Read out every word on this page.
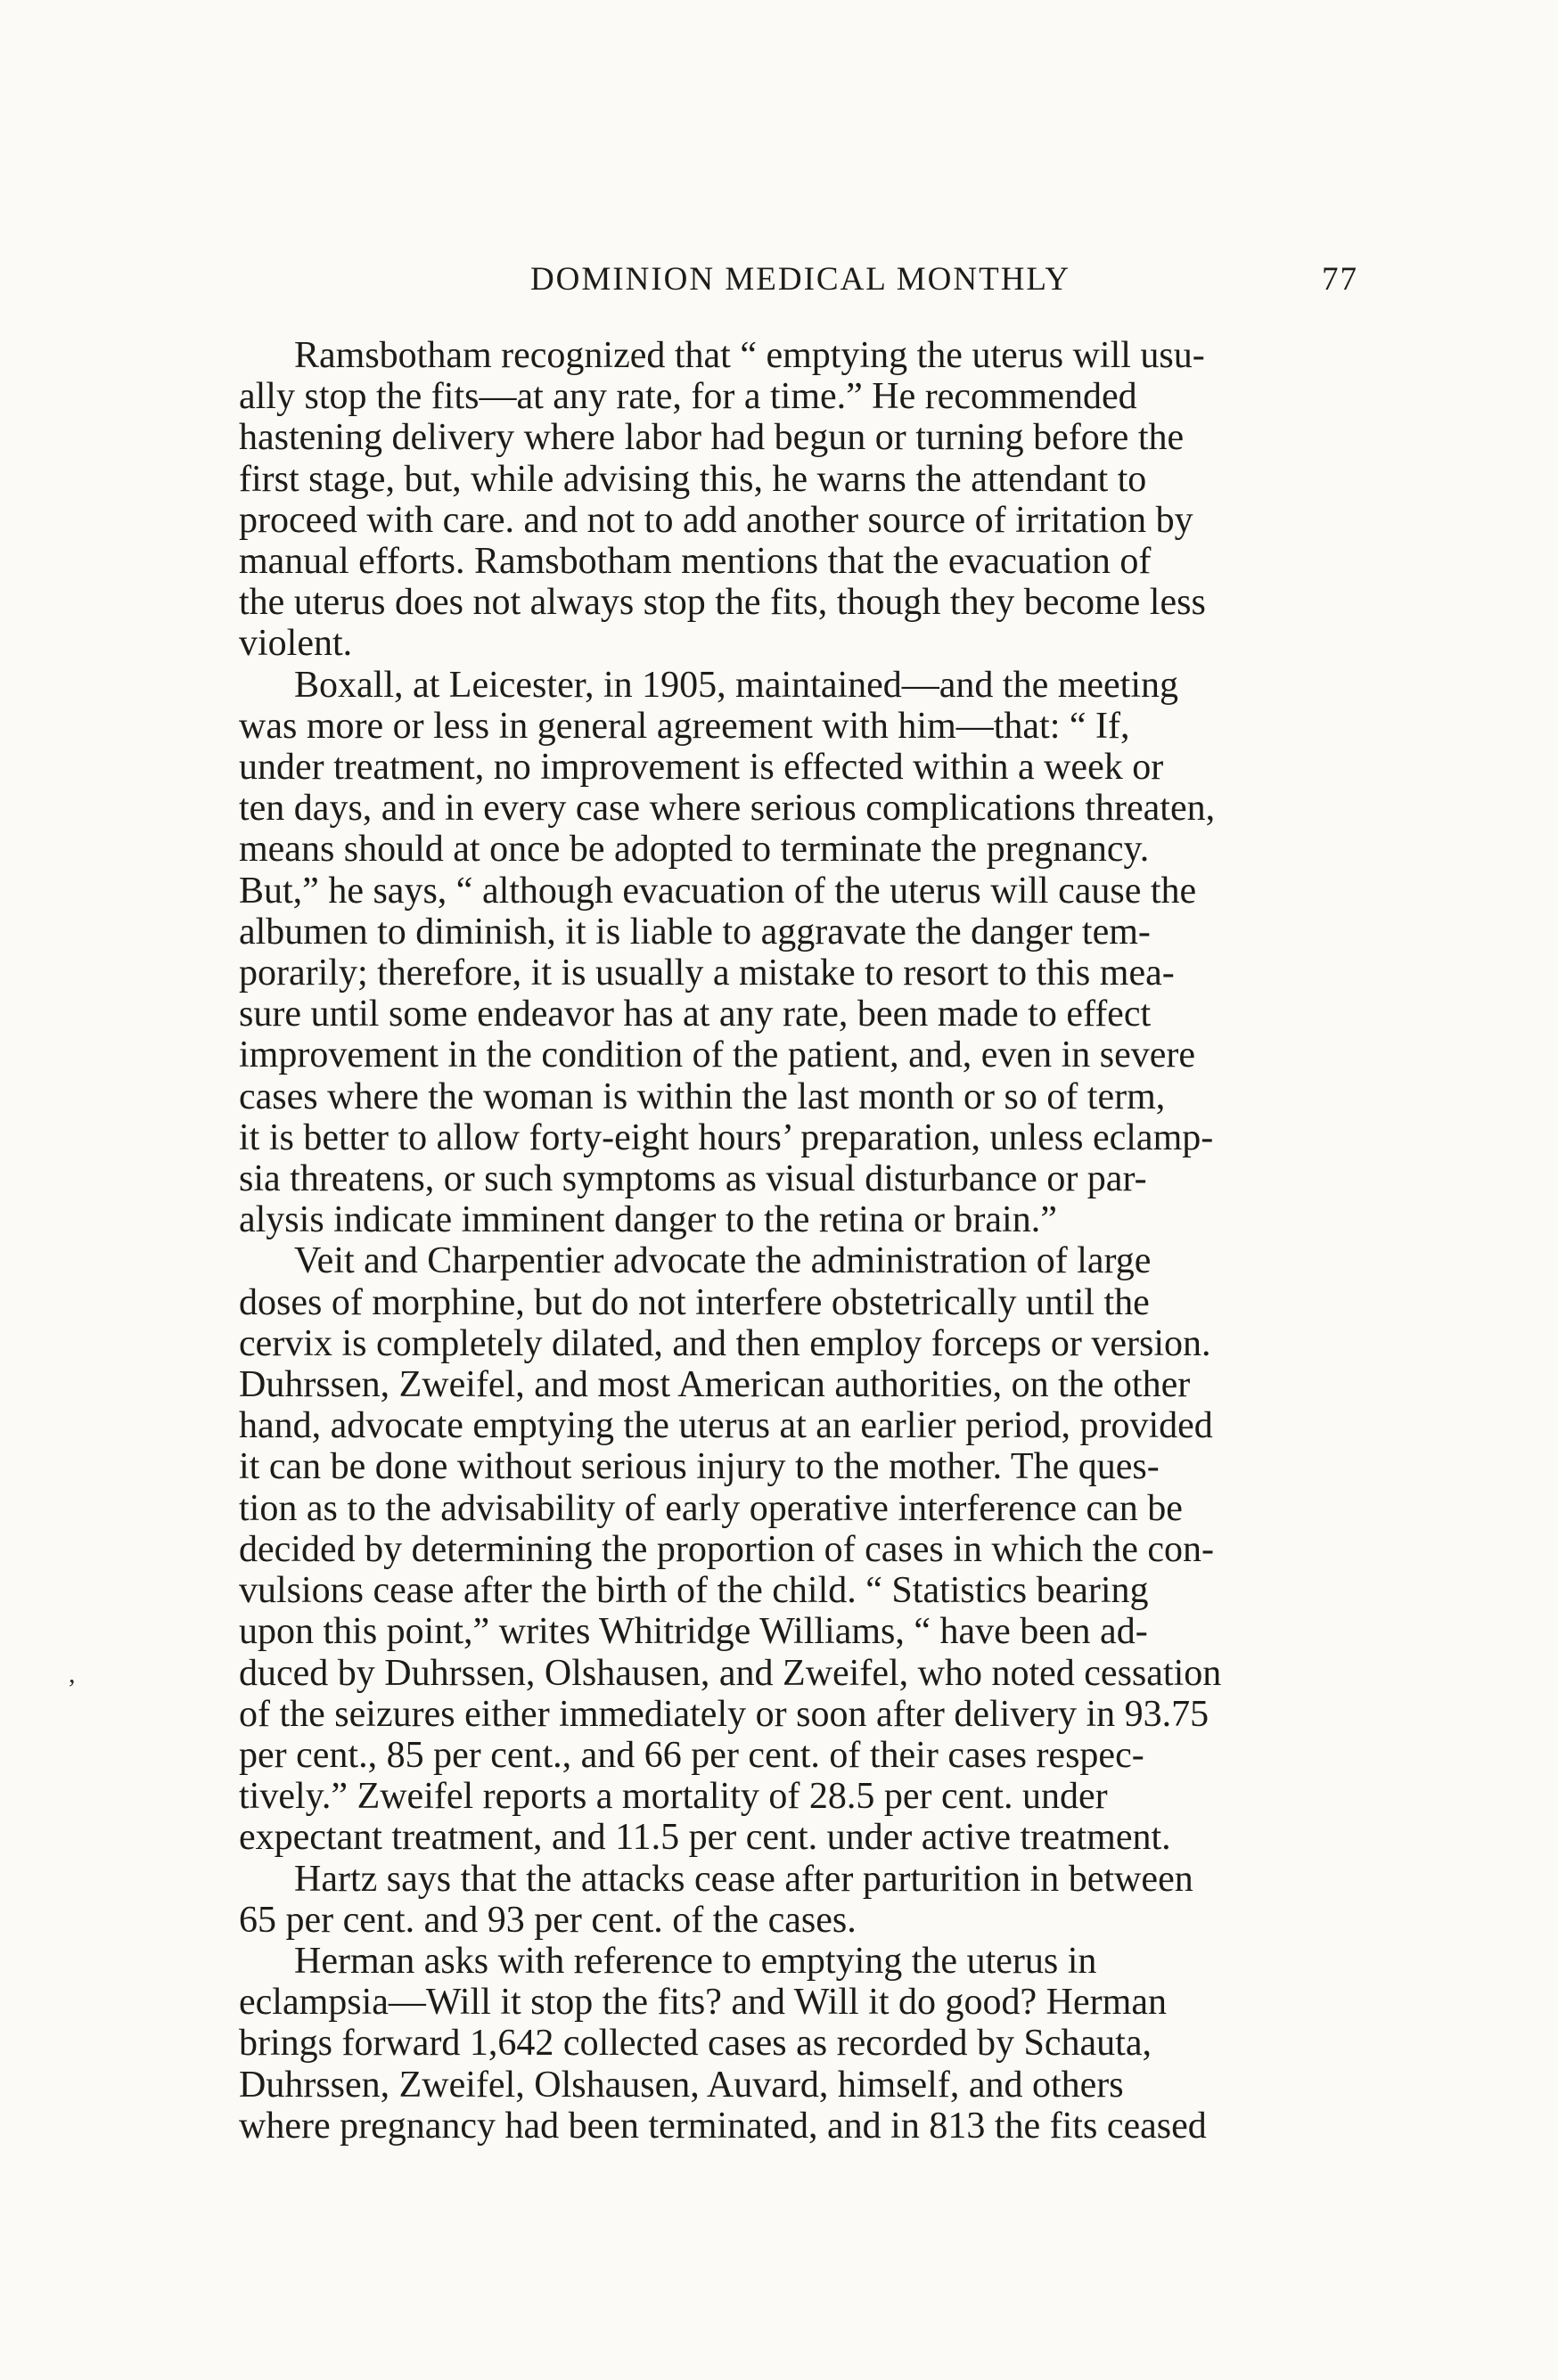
DOMINION MEDICAL MONTHLY	77
,

Ramsbotham recognized that “ emptying the uterus will usu-
ally stop the fits—at any rate, for a time.” He recommended
hastening delivery where labor had begun or turning before the
first stage, but, while advising this, he warns the attendant to
proceed with care. and not to add another source of irritation by
manual efforts. Ramsbotham mentions that the evacuation of
the uterus does not always stop the fits, though they become less
violent.

Boxall, at Leicester, in 1905, maintained—and the meeting
was more or less in general agreement with him—that: “ If,
under treatment, no improvement is effected within a week or
ten days, and in every case where serious complications threaten,
means should at once be adopted to terminate the pregnancy.
But,” he says, “ although evacuation of the uterus will cause the
albumen to diminish, it is liable to aggravate the danger tem-
porarily; therefore, it is usually a mistake to resort to this mea-
sure until some endeavor has at any rate, been made to effect
improvement in the condition of the patient, and, even in severe
cases where the woman is within the last month or so of term,
it is better to allow forty-eight hours’ preparation, unless eclamp-
sia threatens, or such symptoms as visual disturbance or par-
alysis indicate imminent danger to the retina or brain.”

Veit and Charpentier advocate the administration of large
doses of morphine, but do not interfere obstetrically until the
cervix is completely dilated, and then employ forceps or version.
Duhrssen, Zweifel, and most American authorities, on the other
hand, advocate emptying the uterus at an earlier period, provided
it can be done without serious injury to the mother. The ques-
tion as to the advisability of early operative interference can be
decided by determining the proportion of cases in which the con-
vulsions cease after the birth of the child. “ Statistics bearing
upon this point,” writes Whitridge Williams, “ have been ad-
duced by Duhrssen, Olshausen, and Zweifel, who noted cessation
of the seizures either immediately or soon after delivery in 93.75
per cent., 85 per cent., and 66 per cent. of their cases respec-
tively.” Zweifel reports a mortality of 28.5 per cent. under
expectant treatment, and 11.5 per cent. under active treatment.

Hartz says that the attacks cease after parturition in between
65 per cent. and 93 per cent. of the cases.

Herman asks with reference to emptying the uterus in
eclampsia—Will it stop the fits? and Will it do good? Herman
brings forward 1,642 collected cases as recorded by Schauta,
Duhrssen, Zweifel, Olshausen, Auvard, himself, and others
where pregnancy had been terminated, and in 813 the fits ceased
